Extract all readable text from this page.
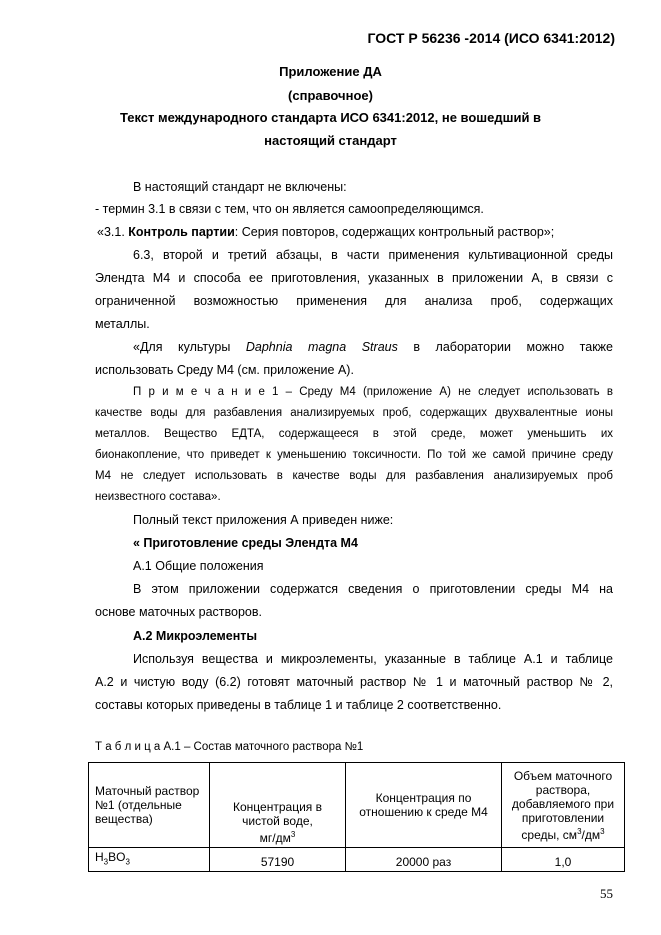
ГОСТ Р 56236 -2014 (ИСО 6341:2012)
Приложение ДА
(справочное)
Текст международного стандарта ИСО 6341:2012, не вошедший в
настоящий стандарт
В настоящий стандарт не включены:
- термин 3.1 в связи с тем, что он является самоопределяющимся.
«3.1. Контроль партии: Серия повторов, содержащих контрольный раствор»;
6.3, второй и третий абзацы, в части применения культивационной среды
Элендта М4 и способа ее приготовления, указанных в приложении А, в связи с
ограниченной возможностью применения для анализа проб, содержащих
металлы.
«Для культуры Daphnia magna Straus в лаборатории можно также
использовать Среду М4 (см. приложение А).
П р и м е ч а н и е 1 – Среду М4 (приложение А) не следует использовать в
качестве воды для разбавления анализируемых проб, содержащих двухвалентные ионы
металлов. Вещество ЕДТА, содержащееся в этой среде, может уменьшить их
бионакопление, что приведет к уменьшению токсичности. По той же самой причине среду
М4 не следует использовать в качестве воды для разбавления анализируемых проб
неизвестного состава».
Полный текст приложения А приведен ниже:
« Приготовление среды Элендта М4
А.1 Общие положения
В этом приложении содержатся сведения о приготовлении среды М4 на
основе маточных растворов.
А.2 Микроэлементы
Используя вещества и микроэлементы, указанные в таблице А.1 и таблице
А.2 и чистую воду (6.2) готовят маточный раствор № 1 и маточный раствор № 2,
составы которых приведены в таблице 1 и таблице 2 соответственно.
Т а б л и ц а А.1 – Состав маточного раствора №1
Маточный раствор №1 (отдельные вещества)	Концентрация в
чистой воде,
$мг/дм^3$	Концентрация по отношению к среде М4	Объем маточного раствора, добавляемого при приготовлении среды, $см^3/дм^3$
$H_3BO_3$	57190	20000 раз	1,0
55
